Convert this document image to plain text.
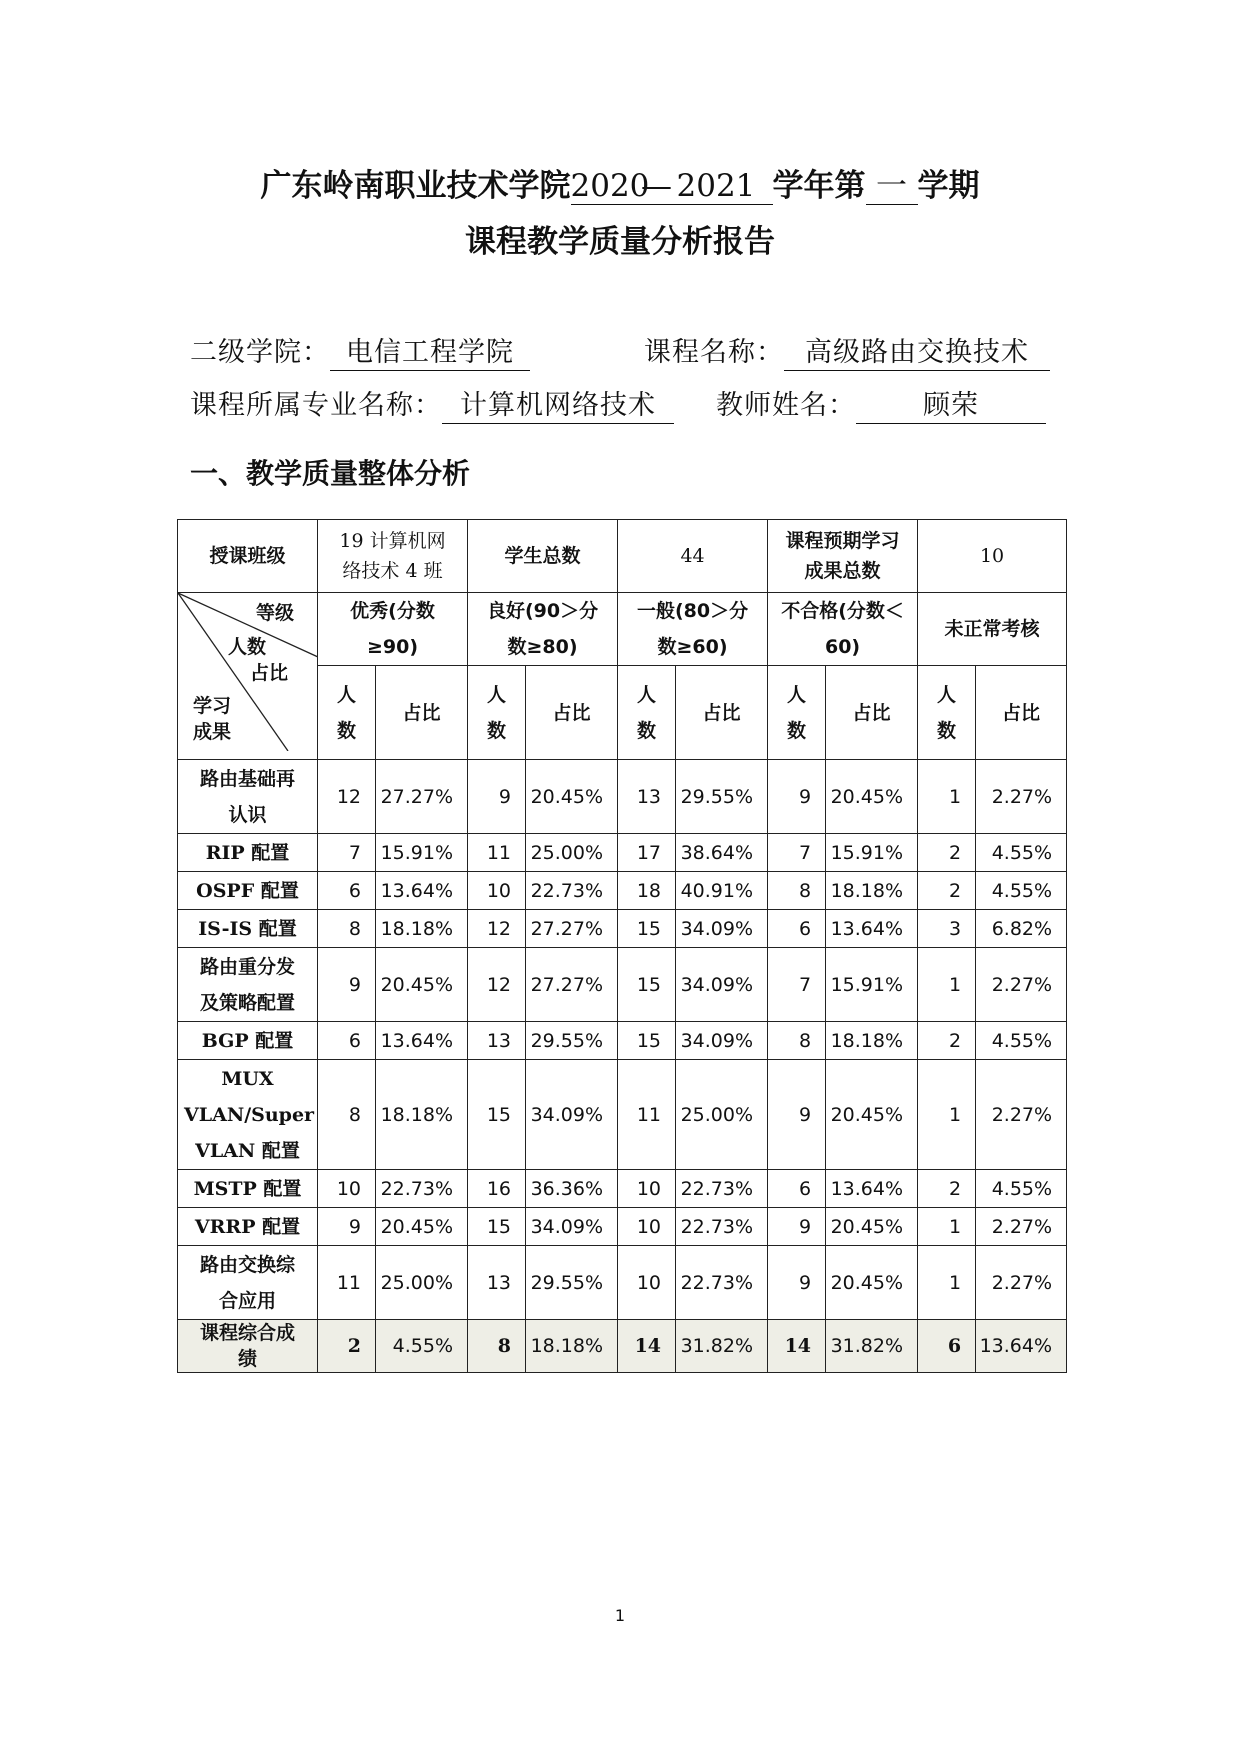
广东岭南职业技术学院2020— 2021 学年第 一 学期
课程教学质量分析报告
二级学院： 电信工程学院	课程名称： 高级路由交换技术
课程所属专业名称： 计算机网络技术	教师姓名： 顾荣
一、教学质量整体分析
授课班级	19 计算机网络技术 4 班		学生总数		44		课程预期学习成果总数		10	

等级
人数
占比
学习成果	优秀(分数≥90)		良好(90＞分数≥80)		一般(80＞分数≥60)		不合格(分数＜60)		未正常考核	
	人数	占比	人数	占比	人数	占比	人数	占比	人数	占比
路由基础再认识	12	27.27%	9	20.45%	13	29.55%	9	20.45%	1	2.27%
RIP 配置	7	15.91%	11	25.00%	17	38.64%	7	15.91%	2	4.55%
OSPF 配置	6	13.64%	10	22.73%	18	40.91%	8	18.18%	2	4.55%
IS-IS 配置	8	18.18%	12	27.27%	15	34.09%	6	13.64%	3	6.82%
路由重分发及策略配置	9	20.45%	12	27.27%	15	34.09%	7	15.91%	1	2.27%
BGP 配置	6	13.64%	13	29.55%	15	34.09%	8	18.18%	2	4.55%
MUX VLAN/Super VLAN 配置	8	18.18%	15	34.09%	11	25.00%	9	20.45%	1	2.27%
MSTP 配置	10	22.73%	16	36.36%	10	22.73%	6	13.64%	2	4.55%
VRRP 配置	9	20.45%	15	34.09%	10	22.73%	9	20.45%	1	2.27%
路由交换综合应用	11	25.00%	13	29.55%	10	22.73%	9	20.45%	1	2.27%
课程综合成绩	2	4.55%	8	18.18%	14	31.82%	14	31.82%	6	13.64%
1
